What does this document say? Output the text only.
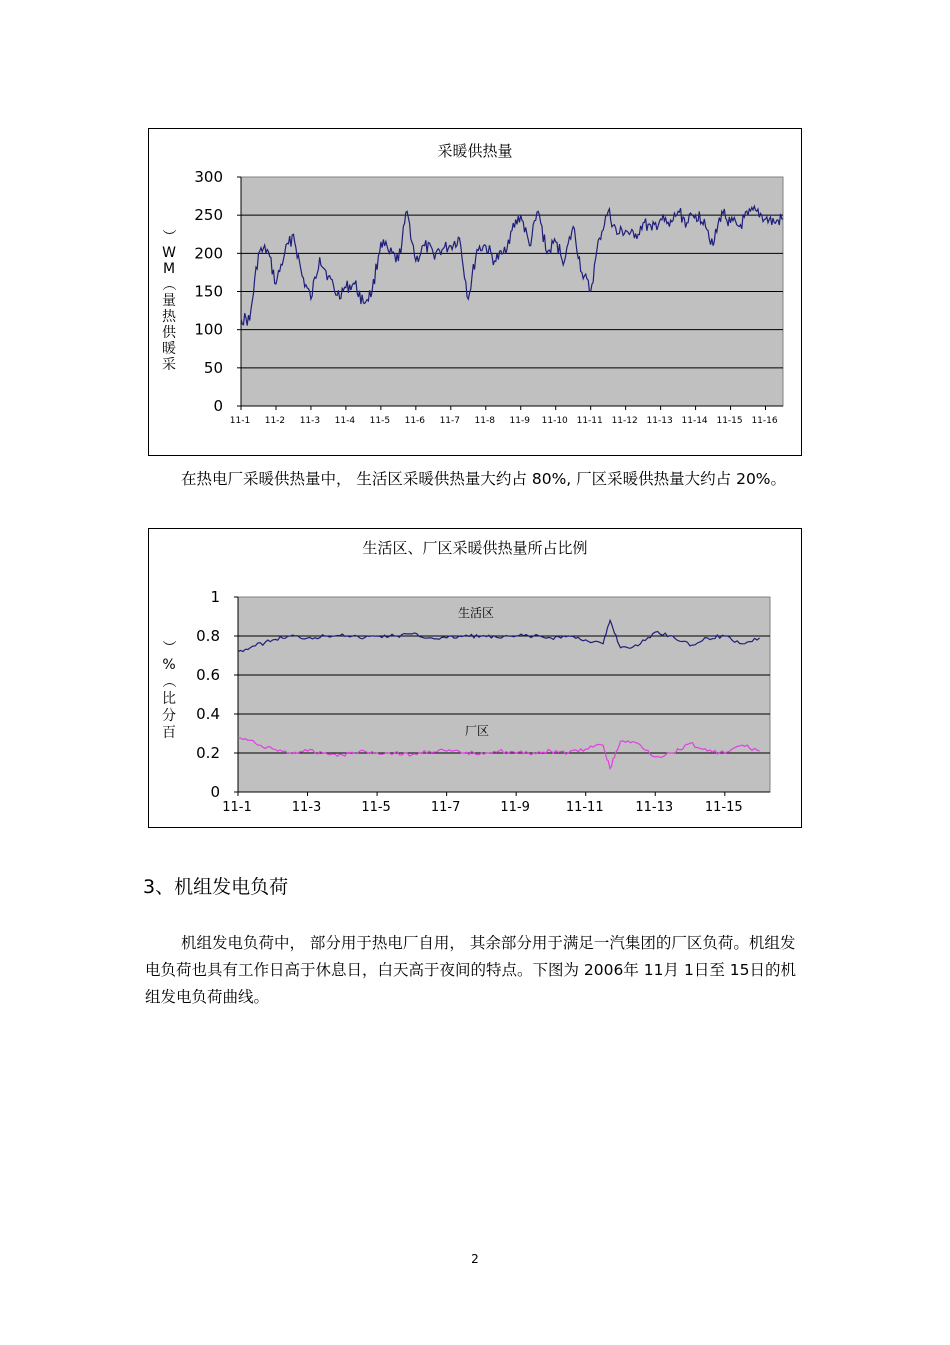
采暖供热量
0
50
100
150
200
250
300
11-1 11-2 11-3 11-4 11-5 11-6 11-7 11-8 11-9 11-10 11-11 11-12 11-13 11-14 11-15 11-16
采
暖
供
热
量
（
M
W
）
在热电厂采暖供热量中， 生活区采暖供热量大约占 80%, 厂区采暖供热量大约占 20%。
生活区、厂区采暖供热量所占比例
0
0.2
0.4
0.6
0.8
1
11-1	11-3	11-5	11-7	11-9	11-11 11-13 11-15
百
分
比
（
%
）
生活区
厂区
3、机组发电负荷
机组发电负荷中， 部分用于热电厂自用， 其余部分用于满足一汽集团的厂区负荷。机组发电负荷也具有工作日高于休息日，白天高于夜间的特点。下图为 2006年 11月 1日至 15日的机组发电负荷曲线。
2
